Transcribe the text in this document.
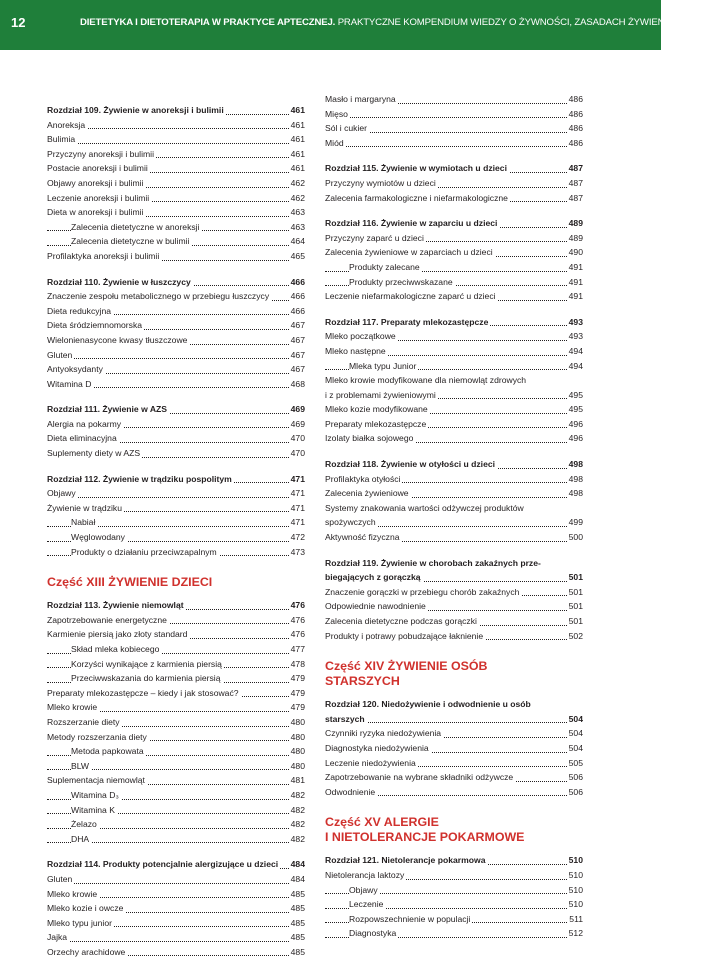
12	DIETETYKA I DIETOTERAPIA W PRAKTYCE APTECZNEJ. PRAKTYCZNE KOMPENDIUM WIEDZY O ŻYWNOŚCI, ZASADACH ŻYWIENIA I DIETACH
Rozdział 109. Żywienie w anoreksji i bulimii	461
Anoreksja	461
Bulimia	461
Przyczyny anoreksji i bulimii	461
Postacie anoreksji i bulimii	461
Objawy anoreksji i bulimii	462
Leczenie anoreksji i bulimii	462
Dieta w anoreksji i bulimii	463
Zalecenia dietetyczne w anoreksji	463
Zalecenia dietetyczne w bulimii	464
Profilaktyka anoreksji i bulimii	465
Rozdział 110. Żywienie w łuszczycy	466
Znaczenie zespołu metabolicznego w przebiegu łuszczycy	466
Dieta redukcyjna	466
Dieta śródziemnomorska	467
Wielonienasycone kwasy tłuszczowe	467
Gluten	467
Antyoksydanty	467
Witamina D	468
Rozdział 111. Żywienie w AZS	469
Alergia na pokarmy	469
Dieta eliminacyjna	470
Suplementy diety w AZS	470
Rozdział 112. Żywienie w trądziku pospolitym	471
Objawy	471
Żywienie w trądziku	471
Nabiał	471
Węglowodany	472
Produkty o działaniu przeciwzapalnym	473
Część XIII ŻYWIENIE DZIECI
Rozdział 113. Żywienie niemowląt	476
Zapotrzebowanie energetyczne	476
Karmienie piersią jako złoty standard	476
Skład mleka kobiecego	477
Korzyści wynikające z karmienia piersią	478
Przeciwwskazania do karmienia piersią	479
Preparaty mlekozastępcze – kiedy i jak stosować?	479
Mleko krowie	479
Rozszerzanie diety	480
Metody rozszerzania diety	480
Metoda papkowata	480
BLW	480
Suplementacja niemowląt	481
Witamina D₃	482
Witamina K	482
Żelazo	482
DHA	482
Rozdział 114. Produkty potencjalnie alergizujące u dzieci 484
Gluten	484
Mleko krowie	485
Mleko kozie i owcze	485
Mleko typu junior	485
Jajka	485
Orzechy arachidowe	485
Masło i margaryna	486
Mięso	486
Sól i cukier	486
Miód	486
Rozdział 115. Żywienie w wymiotach u dzieci	487
Przyczyny wymiotów u dzieci	487
Zalecenia farmakologiczne i niefarmakologiczne	487
Rozdział 116. Żywienie w zaparciu u dzieci	489
Przyczyny zaparć u dzieci	489
Zalecenia żywieniowe w zaparciach u dzieci	490
Produkty zalecane	491
Produkty przeciwwskazane	491
Leczenie niefarmakologiczne zaparć u dzieci	491
Rozdział 117. Preparaty mlekozastępcze	493
Mleko początkowe	493
Mleko następne	494
Mleka typu Junior	494
Mleko krowie modyfikowane dla niemowląt zdrowych
i z problemami żywieniowymi	495
Mleko kozie modyfikowane	495
Preparaty mlekozastępcze	496
Izolaty białka sojowego	496
Rozdział 118. Żywienie w otyłości u dzieci	498
Profilaktyka otyłości	498
Zalecenia żywieniowe	498
Systemy znakowania wartości odżywczej produktów
spożywczych	499
Aktywność fizyczna	500
Rozdział 119. Żywienie w chorobach zakaźnych prze-
biegających z gorączką	501
Znaczenie gorączki w przebiegu chorób zakaźnych	501
Odpowiednie nawodnienie	501
Zalecenia dietetyczne podczas gorączki	501
Produkty i potrawy pobudzające łaknienie	502
Część XIV ŻYWIENIE OSÓB
STARSZYCH
Rozdział 120. Niedożywienie i odwodnienie u osób
starszych	504
Czynniki ryzyka niedożywienia	504
Diagnostyka niedożywienia	504
Leczenie niedożywienia	505
Zapotrzebowanie na wybrane składniki odżywcze	506
Odwodnienie	506
Część XV ALERGIE
I NIETOLERANCJE POKARMOWE
Rozdział 121. Nietolerancje pokarmowa	510
Nietolerancja laktozy	510
Objawy	510
Leczenie	510
Rozpowszechnienie w populacji	511
Diagnostyka	512
